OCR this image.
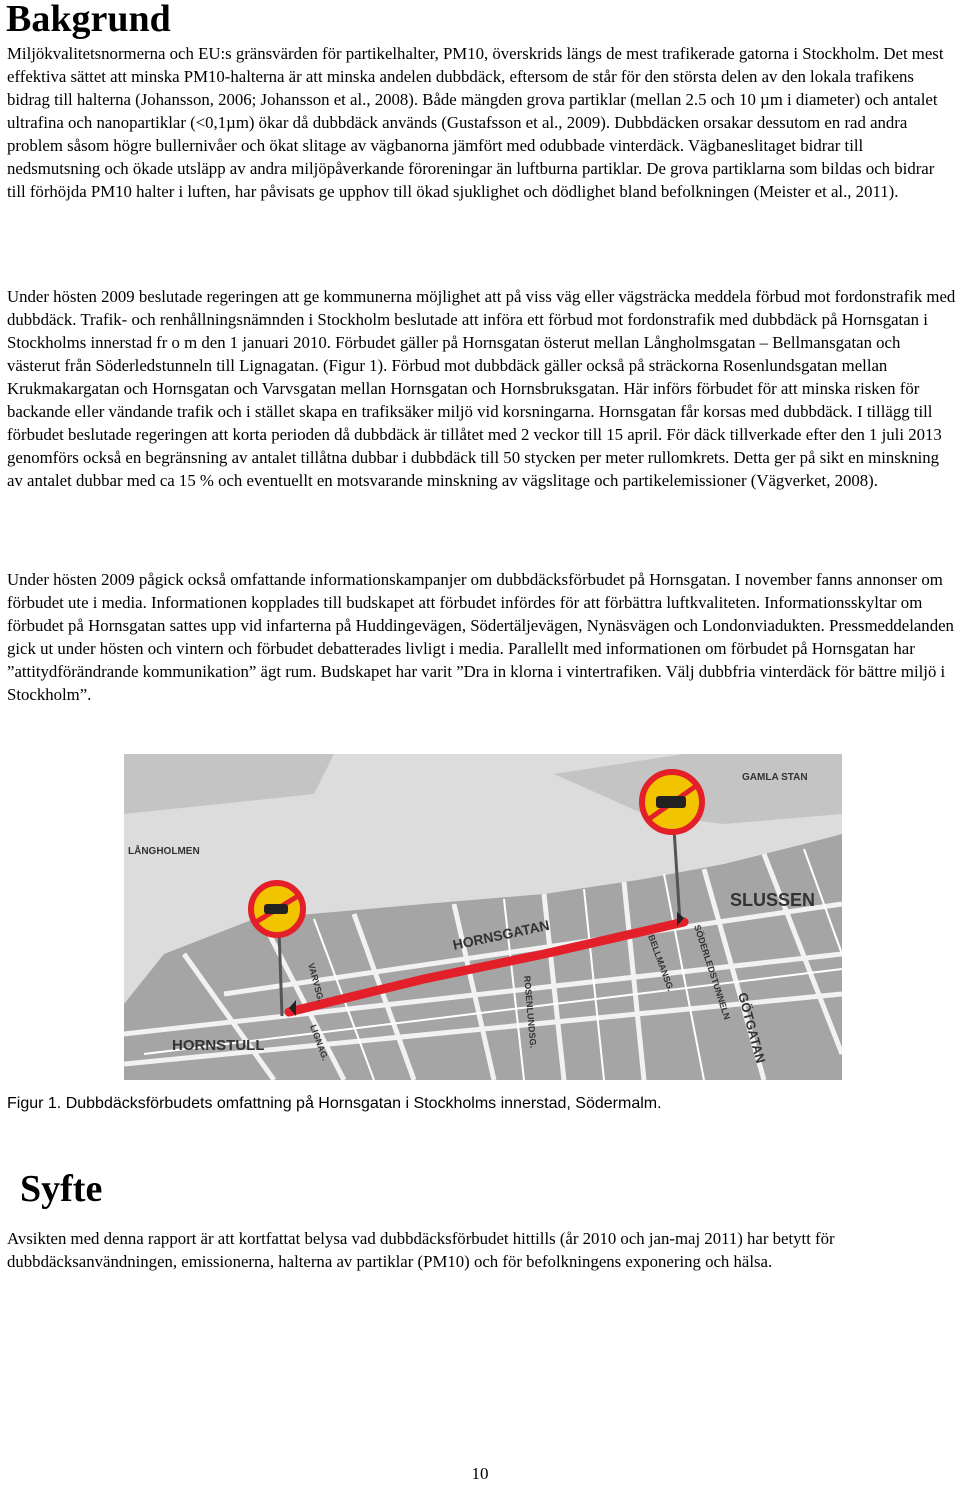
Bakgrund

Miljökvalitetsnormerna och EU:s gränsvärden för partikelhalter, PM10, överskrids längs de mest trafikerade gatorna i Stockholm. Det mest effektiva sättet att minska PM10-halterna är att minska andelen dubbdäck, eftersom de står för den största delen av den lokala trafikens bidrag till halterna (Johansson, 2006; Johansson et al., 2008). Både mängden grova partiklar (mellan 2.5 och 10 µm i diameter) och antalet ultrafina och nanopartiklar (<0,1µm) ökar då dubbdäck används (Gustafsson et al., 2009). Dubbdäcken orsakar dessutom en rad andra problem såsom högre bullernivåer och ökat slitage av vägbanorna jämfört med odubbade vinterdäck. Vägbaneslitaget bidrar till nedsmutsning och ökade utsläpp av andra miljöpåverkande föroreningar än luftburna partiklar. De grova partiklarna som bildas och bidrar till förhöjda PM10 halter i luften, har påvisats ge upphov till ökad sjuklighet och dödlighet bland befolkningen (Meister et al., 2011).

Under hösten 2009 beslutade regeringen att ge kommunerna möjlighet att på viss väg eller vägsträcka meddela förbud mot fordonstrafik med dubbdäck. Trafik- och renhållningsnämnden i Stockholm beslutade att införa ett förbud mot fordonstrafik med dubbdäck på Hornsgatan i Stockholms innerstad fr o m den 1 januari 2010. Förbudet gäller på Hornsgatan österut mellan Långholmsgatan – Bellmansgatan och västerut från Söderledstunneln till Lignagatan. (Figur 1). Förbud mot dubbdäck gäller också på sträckorna Rosenlundsgatan mellan Krukmakargatan och Hornsgatan och Varvsgatan mellan Hornsgatan och Hornsbruksgatan. Här införs förbudet för att minska risken för backande eller vändande trafik och i stället skapa en trafiksäker miljö vid korsningarna. Hornsgatan får korsas med dubbdäck. I tillägg till förbudet beslutade regeringen att korta perioden då dubbdäck är tillåtet med 2 veckor till 15 april. För däck tillverkade efter den 1 juli 2013 genomförs också en begränsning av antalet tillåtna dubbar i dubbdäck till 50 stycken per meter rullomkrets. Detta ger på sikt en minskning av antalet dubbar med ca 15 % och eventuellt en motsvarande minskning av vägslitage och partikelemissioner (Vägverket, 2008).

Under hösten 2009 pågick också omfattande informationskampanjer om dubbdäcksförbudet på Hornsgatan. I november fanns annonser om förbudet ute i media. Informationen kopplades till budskapet att förbudet infördes för att förbättra luftkvaliteten. Informationsskyltar om förbudet på Hornsgatan sattes upp vid infarterna på Huddingevägen, Södertäljevägen, Nynäsvägen och Londonviadukten. Pressmeddelanden gick ut under hösten och vintern och förbudet debatterades livligt i media. Parallellt med informationen om förbudet på Hornsgatan har ”attitydförändrande kommunikation” ägt rum. Budskapet har varit ”Dra in klorna i vintertrafiken. Välj dubbfria vinterdäck för bättre miljö i Stockholm”.

GAMLA STAN
LÅNGHOLMEN
SLUSSEN
HORNSGATAN
HORNSTULL
VARVSG.
LIGNAG.	ROSENLUNDSG.
BELLMANSG. SÖDERLEDSTUNNELN
GÖTGATAN

Figur 1. Dubbdäcksförbudets omfattning på Hornsgatan i Stockholms innerstad, Södermalm.

Syfte

Avsikten med denna rapport är att kortfattat belysa vad dubbdäcksförbudet hittills (år 2010 och jan-maj 2011) har betytt för dubbdäcksanvändningen, emissionerna, halterna av partiklar (PM10) och för befolkningens exponering och hälsa.

10
